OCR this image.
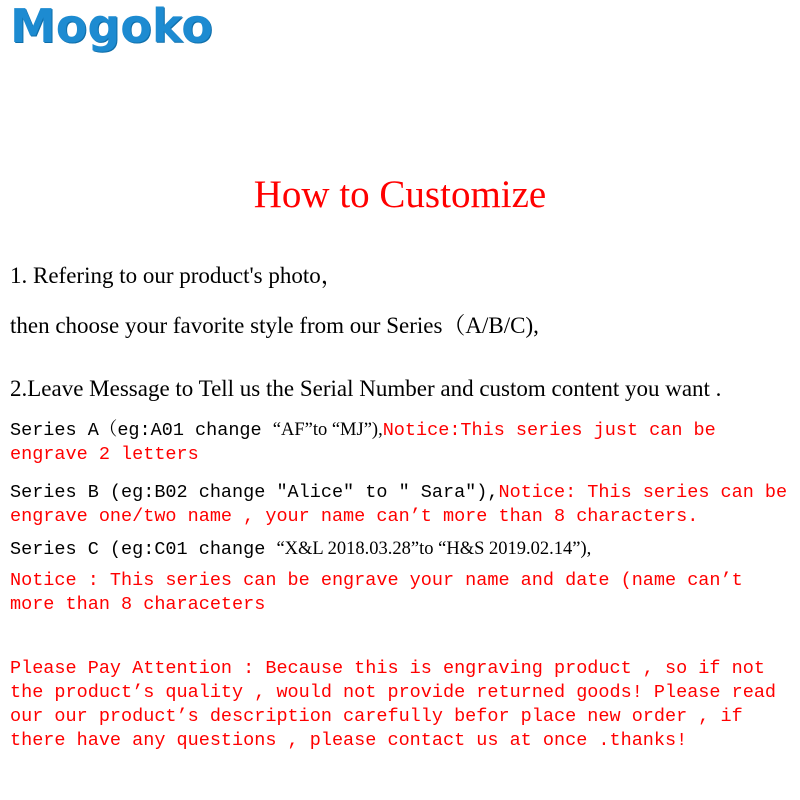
Mogoko
How to Customize
1. Refering to our product's photo，
then choose your favorite style from our Series（A/B/C),
2.Leave Message to Tell us the Serial Number and custom content you want .
Series A（eg:A01 change “AF”to “MJ”),Notice:This series just can be engrave 2 letters
Series B (eg:B02 change ″Alice″ to ″ Sara″),Notice: This series can be engrave one/two name , your name can’t more than 8 characters.
Series C (eg:C01 change “X&L 2018.03.28”to “H&S 2019.02.14”),
Notice : This series can be engrave your name and date (name can’t more than 8 characeters
Please Pay Attention : Because this is engraving product , so if not the product’s quality , would not provide returned goods! Please read our our product’s description carefully befor place new order , if there have any questions , please contact us at once .thanks!
